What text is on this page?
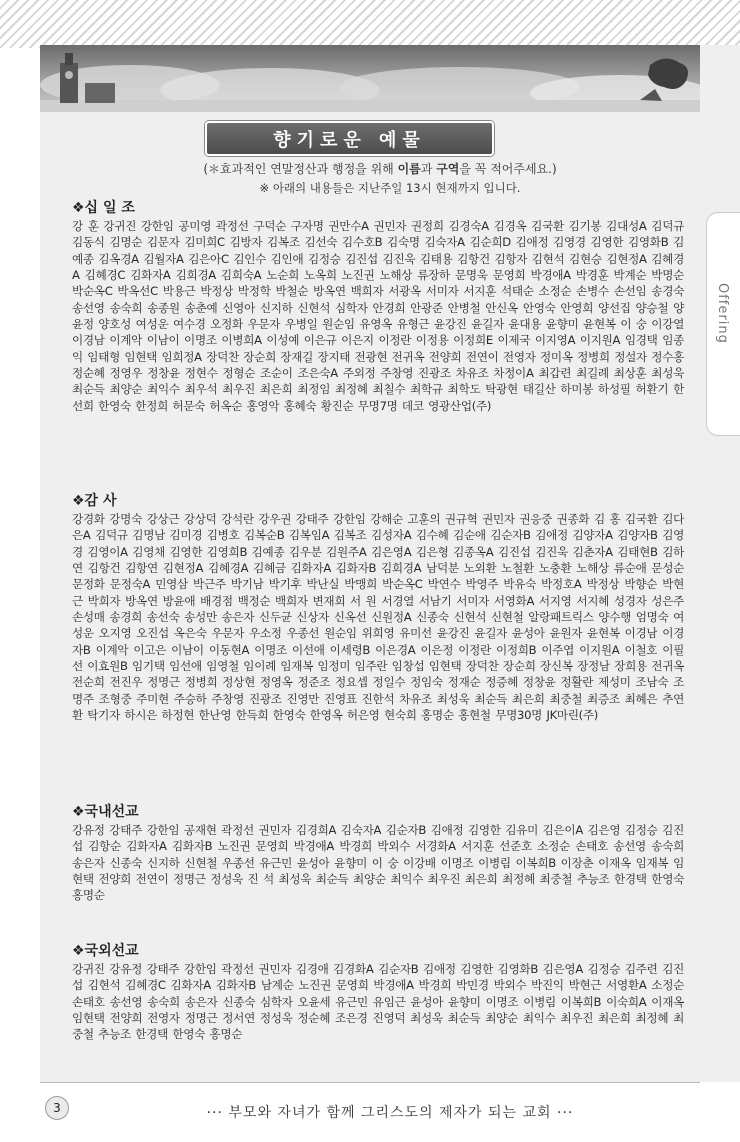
Offering
향기로운 예물
(＊효과적인 연말정산과 행정을 위해 이름과 구역을 꼭 적어주세요.)
※ 아래의 내용들은 지난주일 13시 현재까지 입니다.
❖십 일 조
강 훈 강귀진 강한임 공미영 곽정선 구덕순 구자명 권만수A 권민자 권정희 김경숙A 김경옥 김국환 김기봉 김대성A 김덕규 김동식 김명순 김문자 김미희C 김방자 김복조 김선숙 김수호B 김숙명 김숙자A 김순희D 김애정 김영경 김영한 김영화B 김예종 김옥경A 김월자A 김은아C 김인수 김인애 김정승 김진섭 김진욱 김태용 김항건 김항자 김현석 김현승 김현정A 김혜경A 김혜경C 김화자A 김희경A 김희숙A 노순희 노옥희 노진권 노해상 류장하 문명욱 문영희 박경애A 박경훈 박계순 박명순 박순옥C 박옥선C 박용근 박정상 박정학 박철순 방옥연 백희자 서광옥 서미자 서지훈 석태순 소정순 손병수 손선임 송경숙 송선영 송숙희 송종원 송춘예 신영아 신지하 신현석 심학자 안경희 안광준 안병철 안신옥 안영숙 안영희 양선집 양승철 양윤정 양호성 여성운 여수경 오정화 우문자 우병일 원순임 유영옥 유형근 윤강진 윤길자 윤대용 윤향미 윤현복 이 숭 이강열 이경남 이계악 이남이 이명조 이병희A 이성예 이은규 이은지 이정란 이정용 이정희E 이제국 이지영A 이지원A 임경택 임종익 임태형 임현택 임희정A 장덕찬 장순희 장재길 장지태 전광현 전귀옥 전양희 전연이 전영자 정미옥 정병희 정설자 정수홍 정순혜 정영우 정창윤 정현수 정형순 조순이 조은숙A 주외정 주창영 진광조 차유조 차정이A 최갑련 최길례 최상훈 최성욱 최순득 최양순 최익수 최우석 최우진 최은희 최정임 최정혜 최칠수 최학규 최학도 탁광현 태길산 하미봉 하성필 허환기 한선희 한영숙 한정희 허문숙 허옥순 홍영악 홍혜숙 황진순 무명7명 데코 영광산업(주)
❖감 사
강경화 강명숙 강상근 강상덕 강석란 강우권 강태주 강한임 강해순 고훈의 권규혁 권민자 권응중 권종화 김 홍 김국환 김다은A 김덕규 김명남 김미경 김병호 김복순B 김복임A 김복조 김성자A 김수혜 김순애 김순자B 김애정 김양자A 김양자B 김영경 김영이A 김영채 김영한 김영희B 김예종 김우분 김원주A 김은영A 김은형 김종옥A 김진섭 김진욱 김춘자A 김태현B 김하연 김항건 김항연 김현정A 김혜경A 김혜금 김화자A 김화자B 김희경A 남덕분 노외환 노철환 노충환 노해상 류순애 문성순 문정화 문정숙A 민영삼 박근주 박기남 박기후 박난실 박맹희 박순옥C 박연수 박영주 박유숙 박정호A 박정상 박향순 박현근 박희자 방옥연 방윤애 배경점 백정순 백희자 변재희 서 원 서경열 서남기 서미자 서영화A 서지영 서지혜 성경자 성은주 손성매 송경희 송선숙 송성만 송은자 신두균 신상자 신옥선 신원정A 신종숙 신현석 신현철 알랑패트릭스 양수행 엄명숙 여성운 오지영 오진섭 옥은숙 우문자 우소정 우종선 원순임 위희영 유미선 윤강진 윤길자 윤성아 윤원자 윤현복 이경남 이경자B 이계악 이고은 이남이 이동현A 이명조 이선애 이세령B 이은경A 이은정 이정란 이정희B 이주엽 이지원A 이철호 이필선 이효원B 임기택 임선애 임영철 임이례 임재복 임정미 임주란 임창섭 임현택 장덕찬 장순희 장신복 장정남 장희용 전귀옥 전순희 전진우 정명근 정병희 정상현 정영옥 정준조 정요셉 정일수 정임숙 정재순 정증혜 정창윤 정활란 제성미 조남숙 조명주 조형중 주미현 주승하 주창영 진광조 진영만 진영표 진한석 차유조 최성욱 최순득 최은희 최중철 최증조 최혜은 추연환 탁기자 하시은 하정현 한난영 한득희 한영숙 한영옥 허은영 현숙희 홍명순 홍현철 무명30명 JK마린(주)
❖국내선교
강유정 강태주 강한임 공재현 곽정선 권민자 김경희A 김숙자A 김순자B 김애정 김영한 김유미 김은이A 김은영 김정승 김진섭 김항순 김화자A 김화자B 노진권 문영희 박경애A 박경희 박외수 서경화A 서지훈 선준호 소정순 손태호 송선영 송숙희 송은자 신종숙 신지하 신현철 우종선 유근민 윤성아 윤향미 이 숭 이강배 이명조 이병림 이복희B 이장춘 이재옥 임재복 임현택 전양희 전연이 정명근 정성욱 진 석 최성욱 최순득 최양순 최익수 최우진 최은희 최정혜 최중철 추능조 한경택 한영숙 홍명순
❖국외선교
강귀진 강유정 강태주 강한임 곽정선 권민자 김경애 김경화A 김순자B 김애정 김영한 김영화B 김은영A 김정승 김주련 김진섭 김현석 김혜경C 김화자A 김화자B 남계순 노진권 문영희 박경애A 박경희 박민경 박외수 박진익 박현근 서영환A 소정순 손태호 송선영 송숙희 송은자 신종숙 심학자 오윤세 유근민 유임근 윤성아 윤향미 이명조 이병림 이복희B 이숙희A 이재옥 임현택 전양희 전영자 정명근 정서연 정성욱 정순혜 조은경 진영덕 최성욱 최순득 최양순 최익수 최우진 최은희 최정혜 최중철 추능조 한경택 한영숙 홍명순
3	··· 부모와 자녀가 함께 그리스도의 제자가 되는 교회 ···
